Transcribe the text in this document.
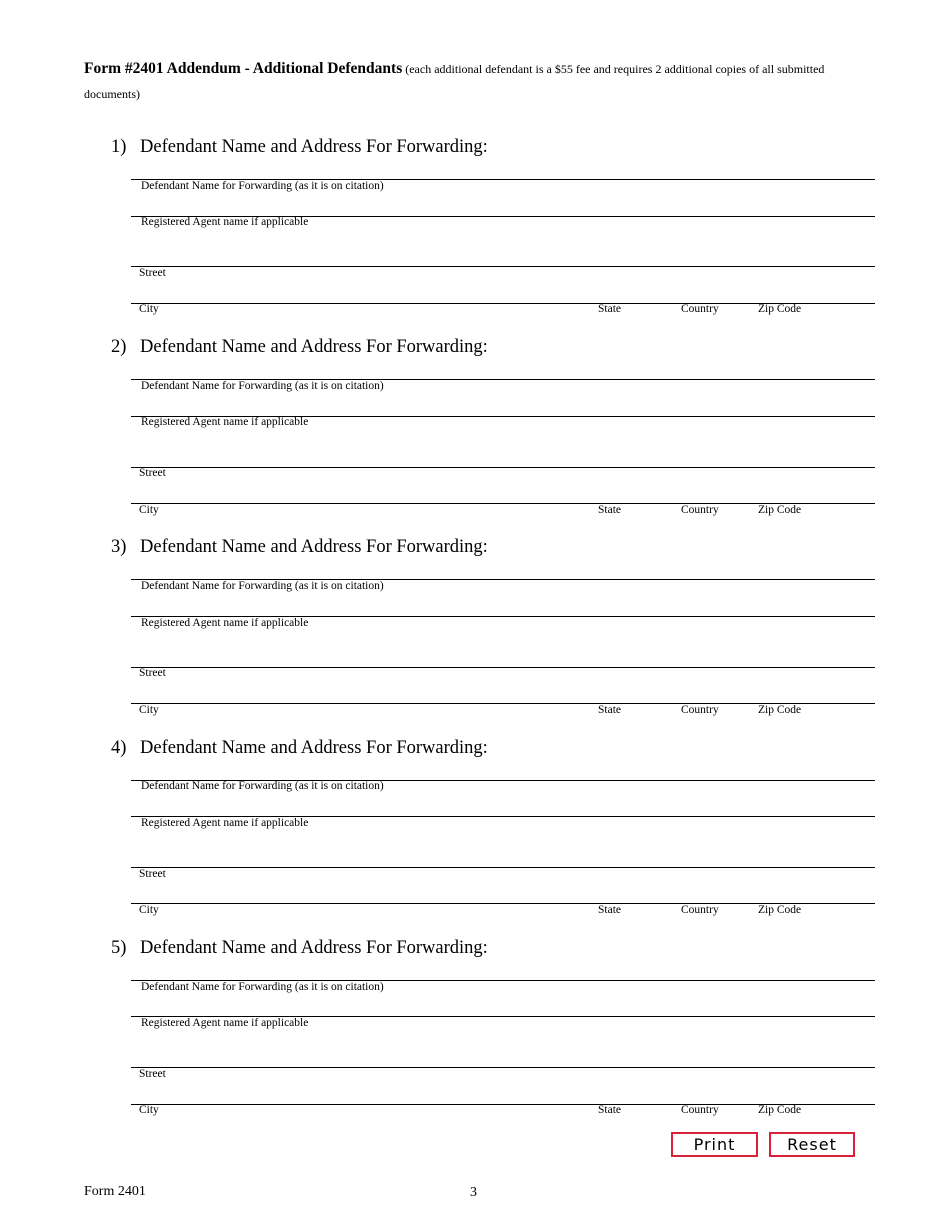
Form #2401 Addendum - Additional Defendants (each additional defendant is a $55 fee and requires 2 additional copies of all submitted documents)
1) Defendant Name and Address For Forwarding:
Defendant Name for Forwarding (as it is on citation)
Registered Agent name if applicable
Street
City	State	Country	Zip Code
2) Defendant Name and Address For Forwarding:
Defendant Name for Forwarding (as it is on citation)
Registered Agent name if applicable
Street
City	State	Country	Zip Code
3) Defendant Name and Address For Forwarding:
Defendant Name for Forwarding (as it is on citation)
Registered Agent name if applicable
Street
City	State	Country	Zip Code
4) Defendant Name and Address For Forwarding:
Defendant Name for Forwarding (as it is on citation)
Registered Agent name if applicable
Street
City	State	Country	Zip Code
5) Defendant Name and Address For Forwarding:
Defendant Name for Forwarding (as it is on citation)
Registered Agent name if applicable
Street
City	State	Country	Zip Code
Print	Reset
Form 2401	3
